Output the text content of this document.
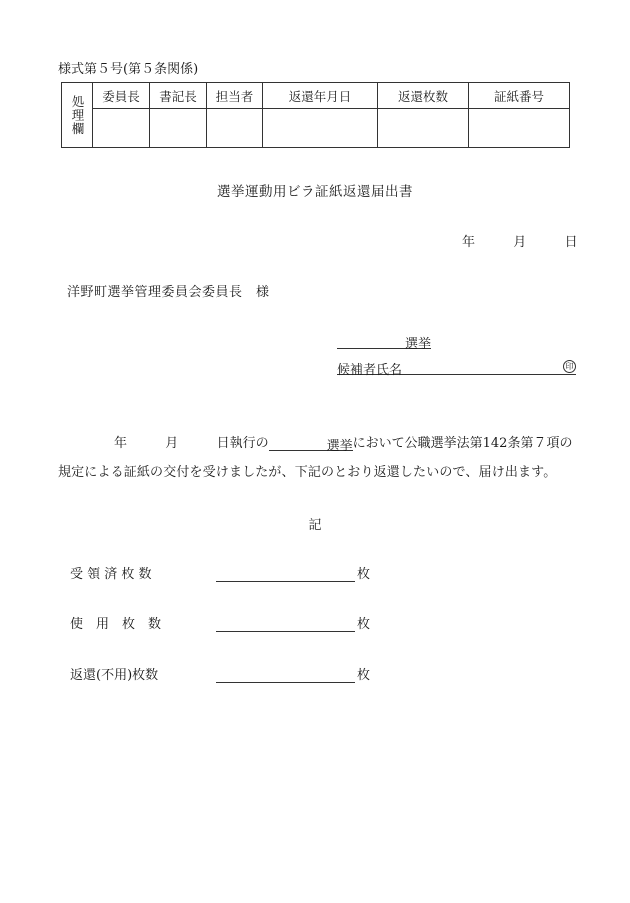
様式第５号(第５条関係)
処理欄	委員長	書記長	担当者	返還年月日	返還枚数	証紙番号

選挙運動用ビラ証紙返還届出書
年	月	日
洋野町選挙管理委員会委員長　様
選挙
候補者氏名	印
年	月	日執行の	選挙において公職選挙法第142条第７項の
規定による証紙の交付を受けましたが、下記のとおり返還したいので、届け出ます。
記
受 領 済 枚 数	枚
使　用　枚　数	枚
返還(不用)枚数	枚
